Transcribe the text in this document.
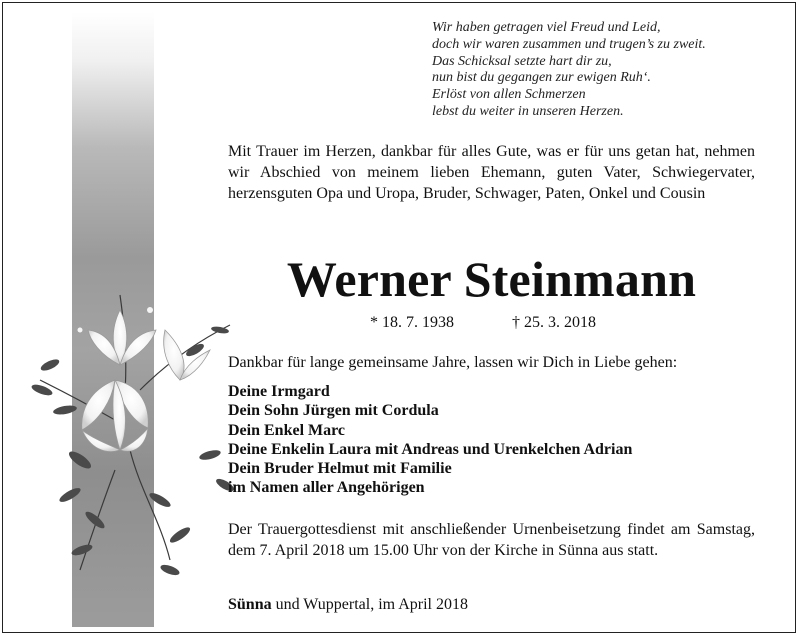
Wir haben getragen viel Freud und Leid,
doch wir waren zusammen und trugen’s zu zweit.
Das Schicksal setzte hart dir zu,
nun bist du gegangen zur ewigen Ruh‘.
Erlöst von allen Schmerzen
lebst du weiter in unseren Herzen.
Mit Trauer im Herzen, dankbar für alles Gute, was er für uns getan hat, nehmen wir Abschied von meinem lieben Ehemann, guten Vater, Schwiegervater, herzensguten Opa und Uropa, Bruder, Schwager, Paten, Onkel und Cousin
Werner Steinmann
* 18. 7. 1938	† 25. 3. 2018
Dankbar für lange gemeinsame Jahre, lassen wir Dich in Liebe gehen:
Deine Irmgard
Dein Sohn Jürgen mit Cordula
Dein Enkel Marc
Deine Enkelin Laura mit Andreas und Urenkelchen Adrian
Dein Bruder Helmut mit Familie
im Namen aller Angehörigen
Der Trauergottesdienst mit anschließender Urnenbeisetzung findet am Samstag, dem 7. April 2018 um 15.00 Uhr von der Kirche in Sünna aus statt.
Sünna und Wuppertal, im April 2018
